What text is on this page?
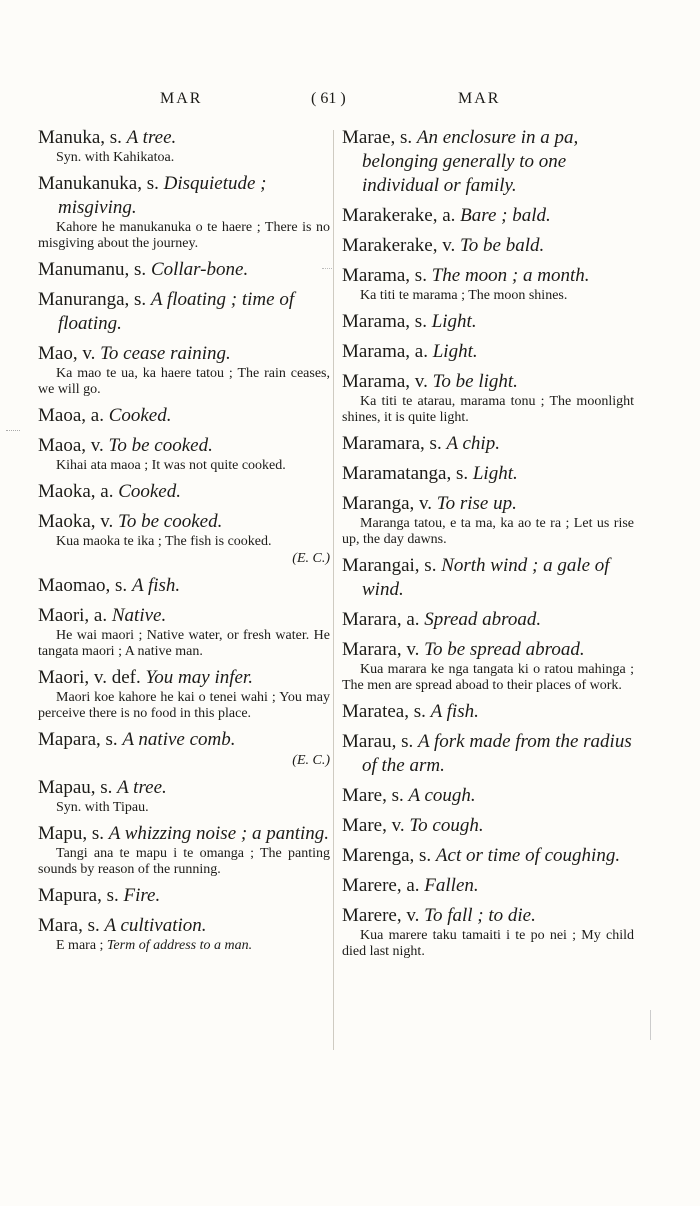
MAR	( 61 )	MAR
Manuka, s. A tree.
Syn. with Kahikatoa.
Manukanuka, s. Disquietude ; misgiving.
Kahore he manukanuka o te haere ; There is no misgiving about the journey.
Manumanu, s. Collar-bone.
Manuranga, s. A floating ; time of floating.
Mao, v. To cease raining.
Ka mao te ua, ka haere tatou ; The rain ceases, we will go.
Maoa, a. Cooked.
Maoa, v. To be cooked.
Kihai ata maoa ; It was not quite cooked.
Maoka, a. Cooked.
Maoka, v. To be cooked.
Kua maoka te ika ; The fish is cooked.
(E. C.)
Maomao, s. A fish.
Maori, a. Native.
He wai maori ; Native water, or fresh water. He tangata maori ; A native man.
Maori, v. def. You may infer.
Maori koe kahore he kai o tenei wahi ; You may perceive there is no food in this place.
Mapara, s. A native comb.
(E. C.)
Mapau, s. A tree.
Syn. with Tipau.
Mapu, s. A whizzing noise ; a panting.
Tangi ana te mapu i te omanga ; The panting sounds by reason of the running.
Mapura, s. Fire.
Mara, s. A cultivation.
E mara ; Term of address to a man.
Marae, s. An enclosure in a pa, belonging generally to one individual or family.
Marakerake, a. Bare ; bald.
Marakerake, v. To be bald.
Marama, s. The moon ; a month.
Ka titi te marama ; The moon shines.
Marama, s. Light.
Marama, a. Light.
Marama, v. To be light.
Ka titi te atarau, marama tonu ; The moonlight shines, it is quite light.
Maramara, s. A chip.
Maramatanga, s. Light.
Maranga, v. To rise up.
Maranga tatou, e ta ma, ka ao te ra ; Let us rise up, the day dawns.
Marangai, s. North wind ; a gale of wind.
Marara, a. Spread abroad.
Marara, v. To be spread abroad.
Kua marara ke nga tangata ki o ratou mahinga ; The men are spread aboad to their places of work.
Maratea, s. A fish.
Marau, s. A fork made from the radius of the arm.
Mare, s. A cough.
Mare, v. To cough.
Marenga, s. Act or time of coughing.
Marere, a. Fallen.
Marere, v. To fall ; to die.
Kua marere taku tamaiti i te po nei ; My child died last night.
